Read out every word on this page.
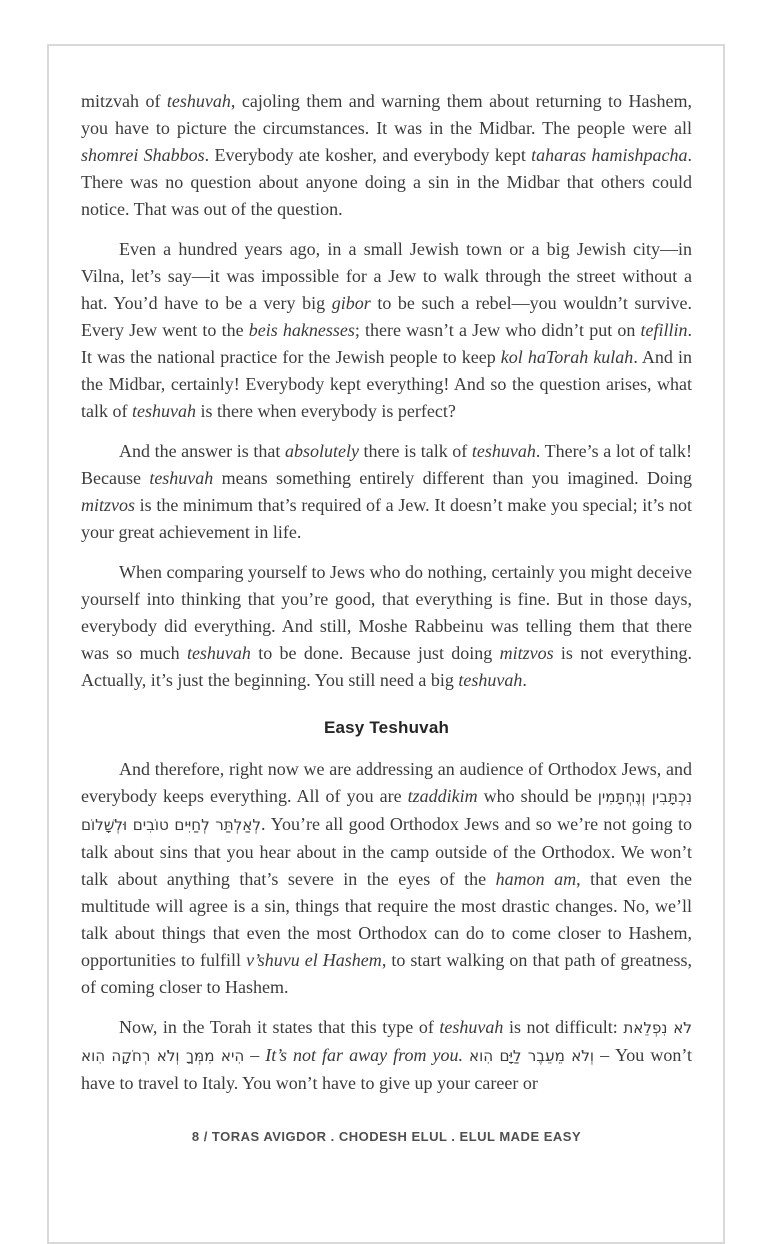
mitzvah of teshuvah, cajoling them and warning them about returning to Hashem, you have to picture the circumstances. It was in the Midbar. The people were all shomrei Shabbos. Everybody ate kosher, and everybody kept taharas hamishpacha. There was no question about anyone doing a sin in the Midbar that others could notice. That was out of the question.

Even a hundred years ago, in a small Jewish town or a big Jewish city—in Vilna, let’s say—it was impossible for a Jew to walk through the street without a hat. You’d have to be a very big gibor to be such a rebel—you wouldn’t survive. Every Jew went to the beis haknesses; there wasn’t a Jew who didn’t put on tefillin. It was the national practice for the Jewish people to keep kol haTorah kulah. And in the Midbar, certainly! Everybody kept everything! And so the question arises, what talk of teshuvah is there when everybody is perfect?

And the answer is that absolutely there is talk of teshuvah. There’s a lot of talk! Because teshuvah means something entirely different than you imagined. Doing mitzvos is the minimum that’s required of a Jew. It doesn’t make you special; it’s not your great achievement in life.

When comparing yourself to Jews who do nothing, certainly you might deceive yourself into thinking that you’re good, that everything is fine. But in those days, everybody did everything. And still, Moshe Rabbeinu was telling them that there was so much teshuvah to be done. Because just doing mitzvos is not everything. Actually, it’s just the beginning. You still need a big teshuvah.

Easy Teshuvah

And therefore, right now we are addressing an audience of Orthodox Jews, and everybody keeps everything. All of you are tzaddikim who should be נִכְתָּבִין וְנֶחְתָּמִין לְאַלְתַּר לְחַיִּים טוֹבִים וּלְשָׁלוֹם. You’re all good Orthodox Jews and so we’re not going to talk about sins that you hear about in the camp outside of the Orthodox. We won’t talk about anything that’s severe in the eyes of the hamon am, that even the multitude will agree is a sin, things that require the most drastic changes. No, we’ll talk about things that even the most Orthodox can do to come closer to Hashem, opportunities to fulfill v’shuvu el Hashem, to start walking on that path of greatness, of coming closer to Hashem.

Now, in the Torah it states that this type of teshuvah is not difficult: לֹא נִפְלֵאת הִיא מִמְּךָ וְלֹא רְחֹקָה הִוא – It’s not far away from you. וְלֹא מֵעֵבֶר לַיָּם הִוא – You won’t have to travel to Italy. You won’t have to give up your career or

8 / TORAS AVIGDOR . CHODESH ELUL . ELUL MADE EASY
